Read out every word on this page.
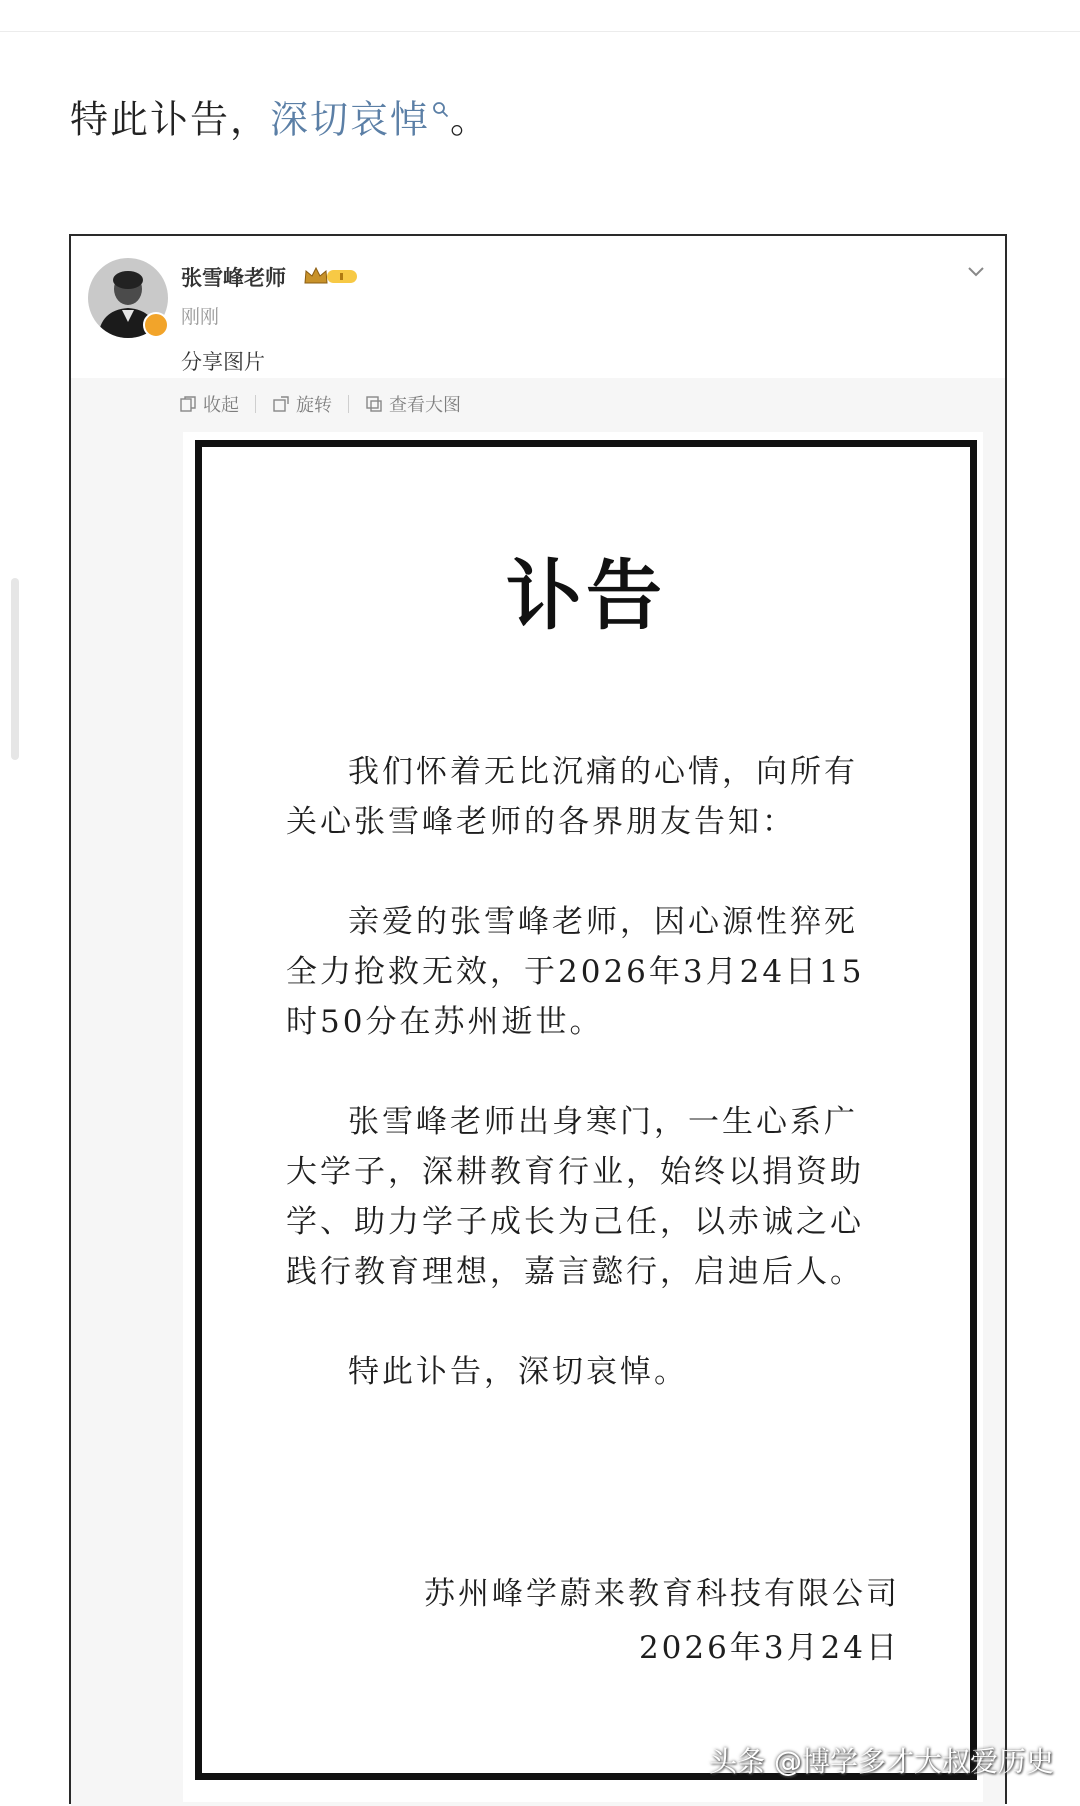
特此讣告，深切哀悼 。
张雪峰老师
刚刚
分享图片
收起	旋转	查看大图
讣告

我们怀着无比沉痛的心情，向所有关心张雪峰老师的各界朋友告知：

亲爱的张雪峰老师，因心源性猝死全力抢救无效，于2026年3月24日15时50分在苏州逝世。

张雪峰老师出身寒门，一生心系广大学子，深耕教育行业，始终以捐资助学、助力学子成长为己任，以赤诚之心践行教育理想，嘉言懿行，启迪后人。

特此讣告，深切哀悼。

苏州峰学蔚来教育科技有限公司
2026年3月24日
头条 @博学多才大叔爱历史
